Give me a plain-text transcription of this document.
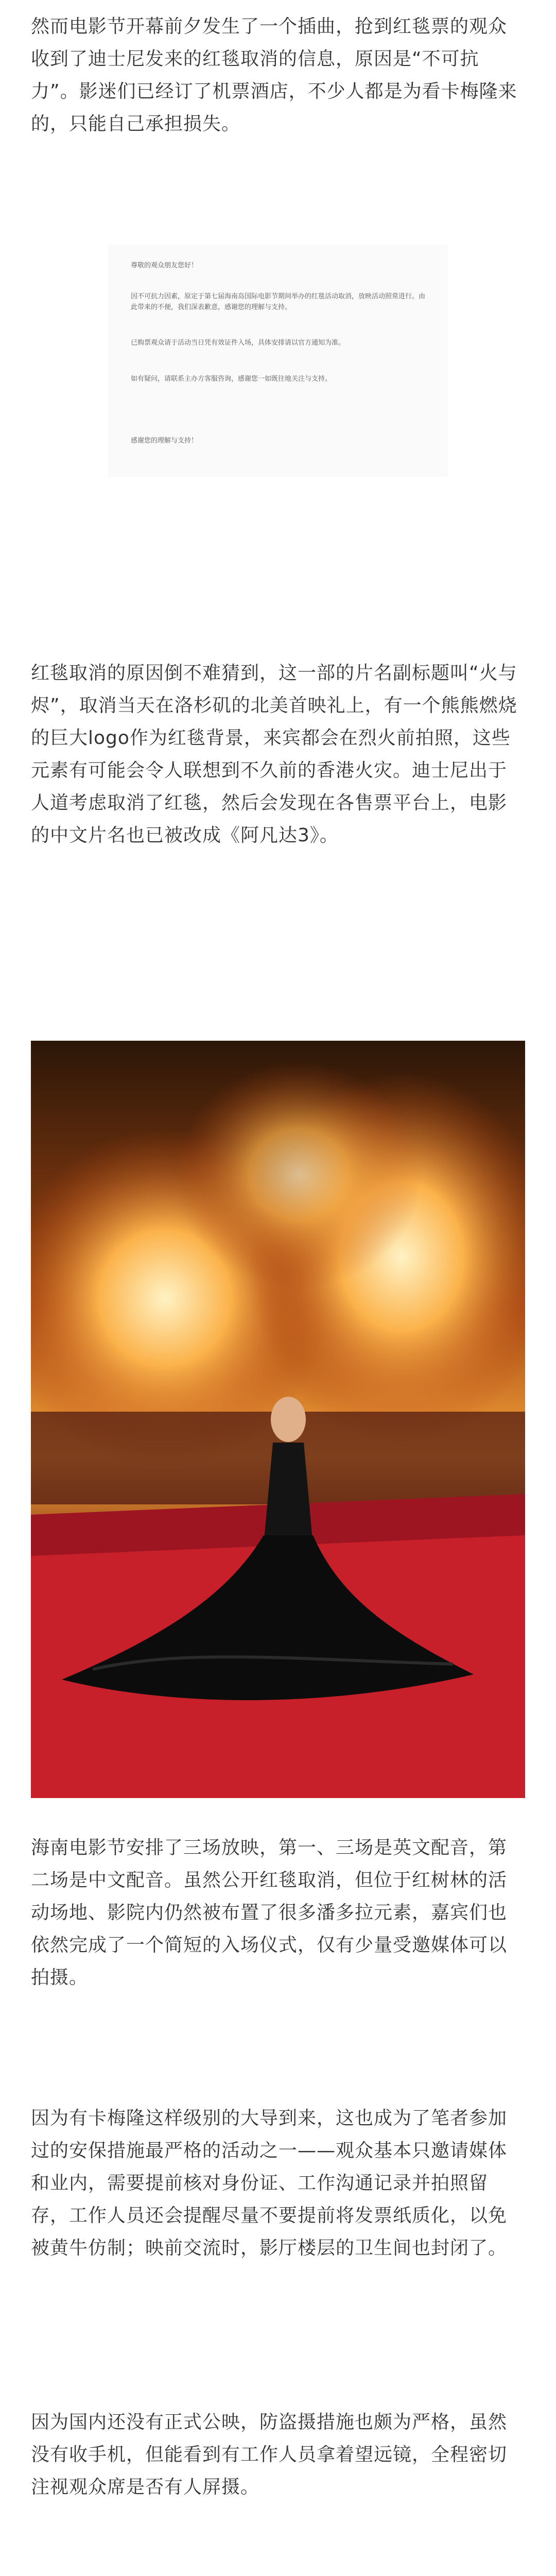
然而电影节开幕前夕发生了一个插曲，抢到红毯票的观众收到了迪士尼发来的红毯取消的信息，原因是“不可抗力”。影迷们已经订了机票酒店，不少人都是为看卡梅隆来的，只能自己承担损失。
尊敬的观众朋友您好！
因不可抗力因素，原定于第七届海南岛国际电影节期间举办的红毯活动取消，放映活动照常进行。由此带来的不便，我们深表歉意，感谢您的理解与支持。
已购票观众请于活动当日凭有效证件入场，具体安排请以官方通知为准。
如有疑问，请联系主办方客服咨询，感谢您一如既往地关注与支持。
感谢您的理解与支持！
红毯取消的原因倒不难猜到，这一部的片名副标题叫“火与烬”，取消当天在洛杉矶的北美首映礼上，有一个熊熊燃烧的巨大logo作为红毯背景，来宾都会在烈火前拍照，这些元素有可能会令人联想到不久前的香港火灾。迪士尼出于人道考虑取消了红毯，然后会发现在各售票平台上，电影的中文片名也已被改成《阿凡达3》。
海南电影节安排了三场放映，第一、三场是英文配音，第二场是中文配音。虽然公开红毯取消，但位于红树林的活动场地、影院内仍然被布置了很多潘多拉元素，嘉宾们也依然完成了一个简短的入场仪式，仅有少量受邀媒体可以拍摄。
因为有卡梅隆这样级别的大导到来，这也成为了笔者参加过的安保措施最严格的活动之一——观众基本只邀请媒体和业内，需要提前核对身份证、工作沟通记录并拍照留存，工作人员还会提醒尽量不要提前将发票纸质化，以免被黄牛仿制；映前交流时，影厅楼层的卫生间也封闭了。
因为国内还没有正式公映，防盗摄措施也颇为严格，虽然没有收手机，但能看到有工作人员拿着望远镜，全程密切注视观众席是否有人屏摄。
